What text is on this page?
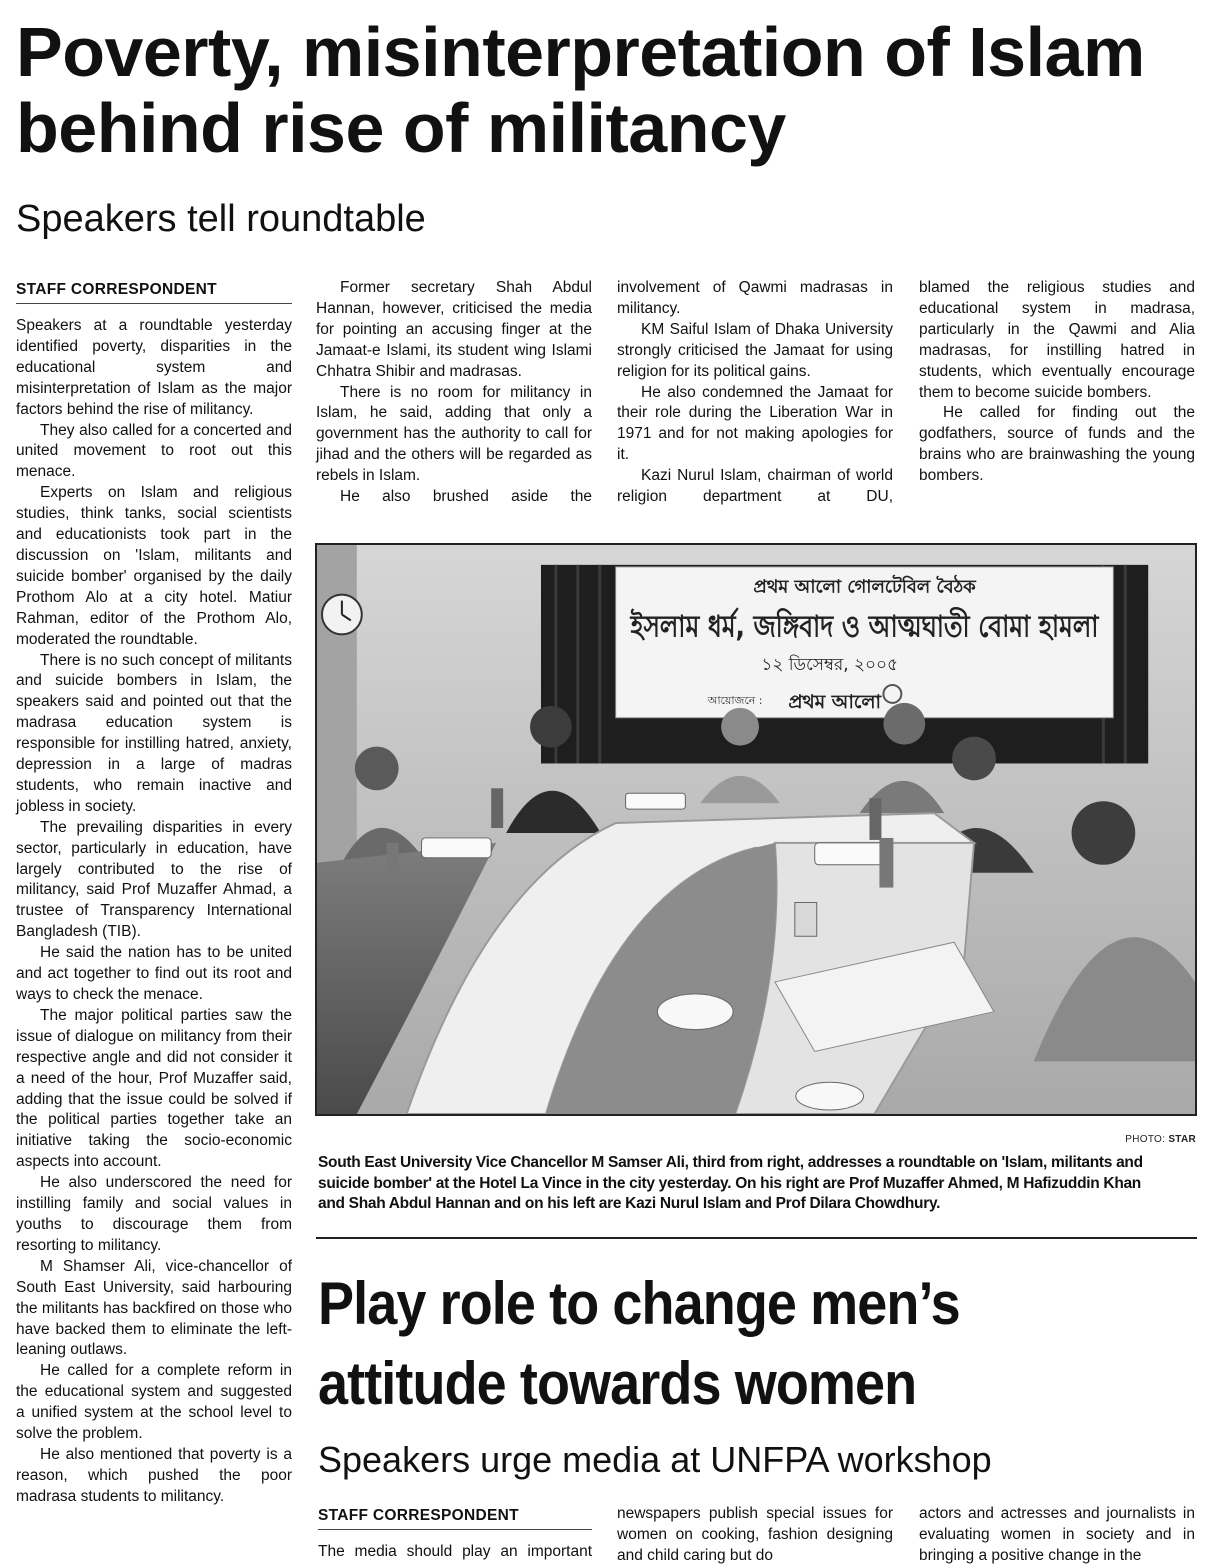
Poverty, misinterpretation of Islam
behind rise of militancy
Speakers tell roundtable
STAFF CORRESPONDENT

Speakers at a roundtable yesterday identified poverty, disparities in the educational system and misinterpretation of Islam as the major factors behind the rise of militancy.

They also called for a concerted and united movement to root out this menace.

Experts on Islam and religious studies, think tanks, social scientists and educationists took part in the discussion on 'Islam, militants and suicide bomber' organised by the daily Prothom Alo at a city hotel. Matiur Rahman, editor of the Prothom Alo, moderated the roundtable.

There is no such concept of militants and suicide bombers in Islam, the speakers said and pointed out that the madrasa education system is responsible for instilling hatred, anxiety, depression in a large of madras students, who remain inactive and jobless in society.

The prevailing disparities in every sector, particularly in education, have largely contributed to the rise of militancy, said Prof Muzaffer Ahmad, a trustee of Transparency International Bangladesh (TIB).

He said the nation has to be united and act together to find out its root and ways to check the menace.

The major political parties saw the issue of dialogue on militancy from their respective angle and did not consider it a need of the hour, Prof Muzaffer said, adding that the issue could be solved if the political parties together take an initiative taking the socio-economic aspects into account.

He also underscored the need for instilling family and social values in youths to discourage them from resorting to militancy.

M Shamser Ali, vice-chancellor of South East University, said harbouring the militants has backfired on those who have backed them to eliminate the left-leaning outlaws.

He called for a complete reform in the educational system and suggested a unified system at the school level to solve the problem.

He also mentioned that poverty is a reason, which pushed the poor madrasa students to militancy.

Former secretary Shah Abdul Hannan, however, criticised the media for pointing an accusing finger at the Jamaat-e Islami, its student wing Islami Chhatra Shibir and madrasas.

There is no room for militancy in Islam, he said, adding that only a government has the authority to call for jihad and the others will be regarded as rebels in Islam.

He also brushed aside the

involvement of Qawmi madrasas in militancy.

KM Saiful Islam of Dhaka University strongly criticised the Jamaat for using religion for its political gains.

He also condemned the Jamaat for their role during the Liberation War in 1971 and for not making apologies for it.

Kazi Nurul Islam, chairman of world religion department at DU,

blamed the religious studies and educational system in madrasa, particularly in the Qawmi and Alia madrasas, for instilling hatred in students, which eventually encourage them to become suicide bombers.

He called for finding out the godfathers, source of funds and the brains who are brainwashing the young bombers.

প্রথম আলো গোলটেবিল বৈঠক
ইসলাম ধর্ম, জঙ্গিবাদ ও আত্মঘাতী বোমা হামলা
১২ ডিসেম্বর, ২০০৫
আয়োজনে : প্রথম আলো
PHOTO: STAR
South East University Vice Chancellor M Samser Ali, third from right, addresses a roundtable on 'Islam, militants and
suicide bomber' at the Hotel La Vince in the city yesterday. On his right are Prof Muzaffer Ahmed, M Hafizuddin Khan
and Shah Abdul Hannan and on his left are Kazi Nurul Islam and Prof Dilara Chowdhury.
Play role to change men’s
attitude towards women
Speakers urge media at UNFPA workshop
STAFF CORRESPONDENT

The media should play an important

newspapers publish special issues for women on cooking, fashion designing and child caring but do

actors and actresses and journalists in evaluating women in society and in bringing a positive change in the
